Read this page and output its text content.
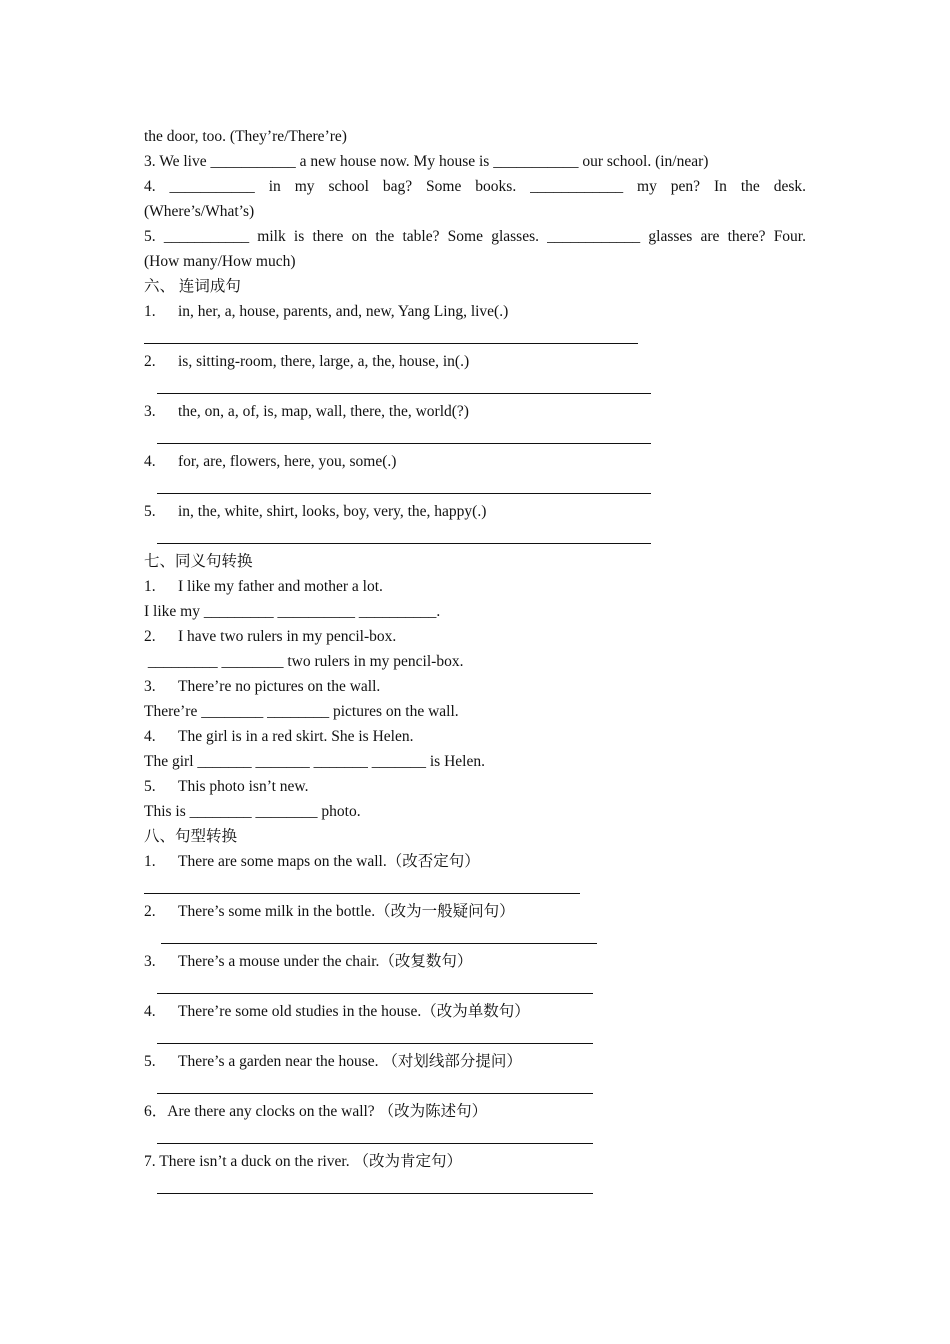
the door, too. (They’re/There’re)
3. We live ___________ a new house now. My house is ___________ our school. (in/near)
4. ___________ in my school bag? Some books. ____________ my pen? In the desk.
(Where’s/What’s)
5. ___________ milk is there on the table? Some glasses. ____________ glasses are there? Four.
(How many/How much)
六、 连词成句
1. in, her, a, house, parents, and, new, Yang Ling, live(.)
2. is, sitting-room, there, large, a, the, house, in(.)
3. the, on, a, of, is, map, wall, there, the, world(?)
4. for, are, flowers, here, you, some(.)
5. in, the, white, shirt, looks, boy, very, the, happy(.)
七、同义句转换
1. I like my father and mother a lot.
I like my _________ __________ __________.
2. I have two rulers in my pencil-box.
_________ ________ two rulers in my pencil-box.
3. There’re no pictures on the wall.
There’re ________ ________ pictures on the wall.
4. The girl is in a red skirt. She is Helen.
The girl _______ _______ _______ _______ is Helen.
5. This photo isn’t new.
This is ________ ________ photo.
八、句型转换
1. There are some maps on the wall.（改否定句）
2. There’s some milk in the bottle.（改为一般疑问句）
3. There’s a mouse under the chair.（改复数句）
4. There’re some old studies in the house.（改为单数句）
5. There’s a garden near the house. （对划线部分提问）
6．Are there any clocks on the wall? （改为陈述句）
7. There isn’t a duck on the river. （改为肯定句）
